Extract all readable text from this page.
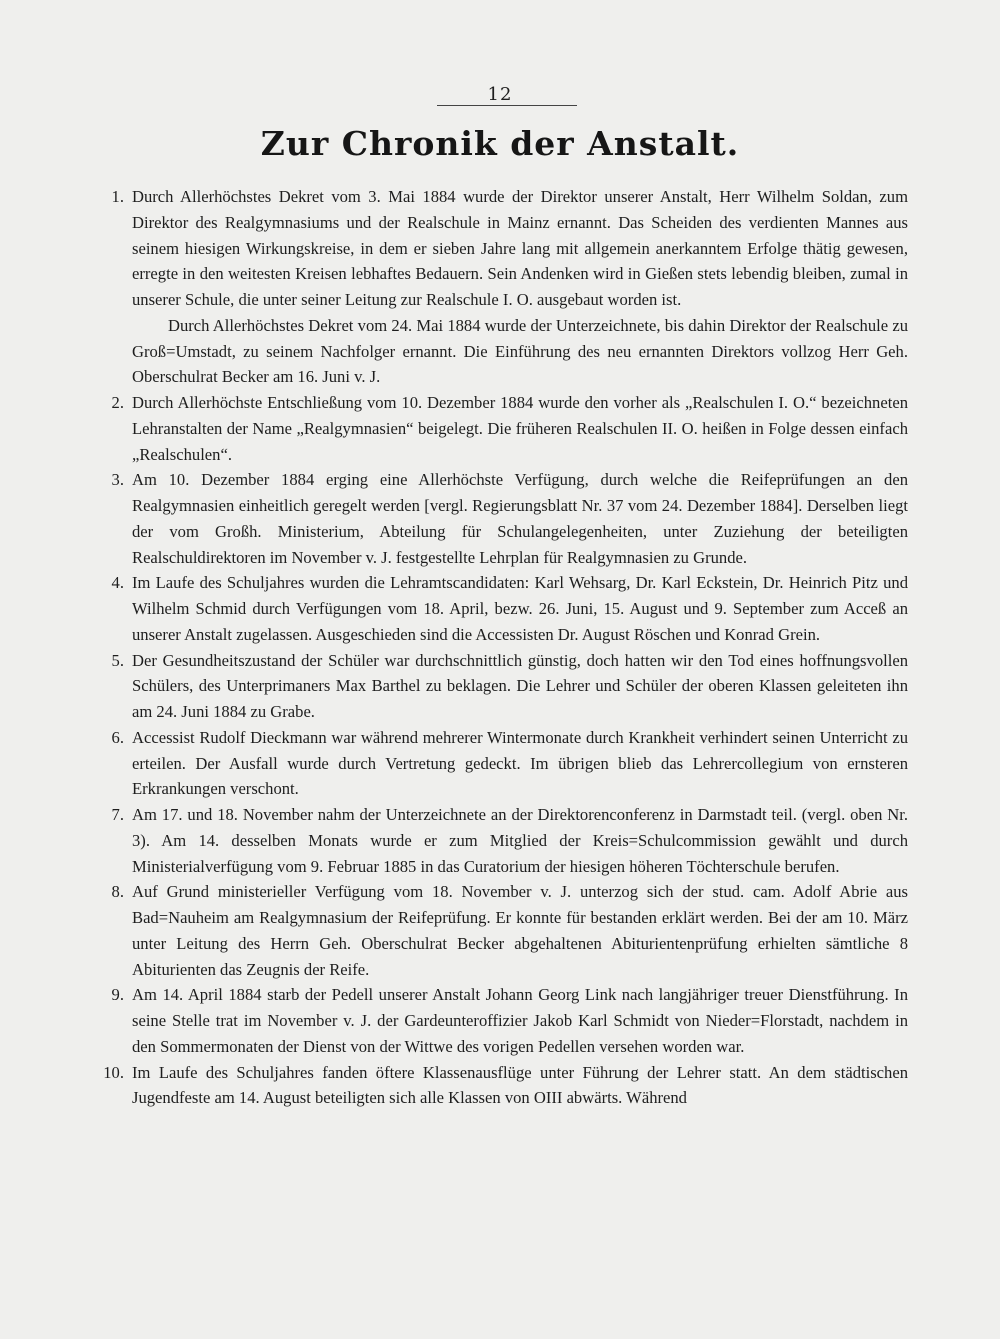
12
Zur Chronik der Anstalt.
1. Durch Allerhöchstes Dekret vom 3. Mai 1884 wurde der Direktor unserer Anstalt, Herr Wilhelm Soldan, zum Direktor des Realgymnasiums und der Realschule in Mainz ernannt. Das Scheiden des verdienten Mannes aus seinem hiesigen Wirkungskreise, in dem er sieben Jahre lang mit allgemein anerkanntem Erfolge thätig gewesen, erregte in den weitesten Kreisen lebhaftes Bedauern. Sein Andenken wird in Gießen stets lebendig bleiben, zumal in unserer Schule, die unter seiner Leitung zur Realschule I. O. ausgebaut worden ist.
Durch Allerhöchstes Dekret vom 24. Mai 1884 wurde der Unterzeichnete, bis dahin Direktor der Realschule zu Groß=Umstadt, zu seinem Nachfolger ernannt. Die Einführung des neu ernannten Direktors vollzog Herr Geh. Oberschulrat Becker am 16. Juni v. J.
2. Durch Allerhöchste Entschließung vom 10. Dezember 1884 wurde den vorher als „Realschulen I. O.“ bezeichneten Lehranstalten der Name „Realgymnasien“ beigelegt. Die früheren Realschulen II. O. heißen in Folge dessen einfach „Realschulen“.
3. Am 10. Dezember 1884 erging eine Allerhöchste Verfügung, durch welche die Reifeprüfungen an den Realgymnasien einheitlich geregelt werden [vergl. Regierungsblatt Nr. 37 vom 24. Dezember 1884]. Derselben liegt der vom Großh. Ministerium, Abteilung für Schulangelegenheiten, unter Zuziehung der beteiligten Realschuldirektoren im November v. J. festgestellte Lehrplan für Realgymnasien zu Grunde.
4. Im Laufe des Schuljahres wurden die Lehramtscandidaten: Karl Wehsarg, Dr. Karl Eckstein, Dr. Heinrich Pitz und Wilhelm Schmid durch Verfügungen vom 18. April, bezw. 26. Juni, 15. August und 9. September zum Accеß an unserer Anstalt zugelassen. Ausgeschieden sind die Accessisten Dr. August Röschen und Konrad Grein.
5. Der Gesundheitszustand der Schüler war durchschnittlich günstig, doch hatten wir den Tod eines hoffnungsvollen Schülers, des Unterprimaners Max Barthel zu beklagen. Die Lehrer und Schüler der oberen Klassen geleiteten ihn am 24. Juni 1884 zu Grabe.
6. Accessist Rudolf Dieckmann war während mehrerer Wintermonate durch Krankheit verhindert seinen Unterricht zu erteilen. Der Ausfall wurde durch Vertretung gedeckt. Im übrigen blieb das Lehrercollegium von ernsteren Erkrankungen verschont.
7. Am 17. und 18. November nahm der Unterzeichnete an der Direktorenconferenz in Darmstadt teil. (vergl. oben Nr. 3). Am 14. desselben Monats wurde er zum Mitglied der Kreis=Schulcommission gewählt und durch Ministerialverfügung vom 9. Februar 1885 in das Curatorium der hiesigen höheren Töchterschule berufen.
8. Auf Grund ministerieller Verfügung vom 18. November v. J. unterzog sich der stud. cam. Adolf Abrie aus Bad=Nauheim am Realgymnasium der Reifeprüfung. Er konnte für bestanden erklärt werden. Bei der am 10. März unter Leitung des Herrn Geh. Oberschulrat Becker abgehaltenen Abiturientenprüfung erhielten sämtliche 8 Abiturienten das Zeugnis der Reife.
9. Am 14. April 1884 starb der Pedell unserer Anstalt Johann Georg Link nach langjähriger treuer Dienstführung. In seine Stelle trat im November v. J. der Gardeunteroffizier Jakob Karl Schmidt von Nieder=Florstadt, nachdem in den Sommermonaten der Dienst von der Wittwe des vorigen Pedellen versehen worden war.
10. Im Laufe des Schuljahres fanden öftere Klassenausflüge unter Führung der Lehrer statt. An dem städtischen Jugendfeste am 14. August beteiligten sich alle Klassen von OIII abwärts. Während
